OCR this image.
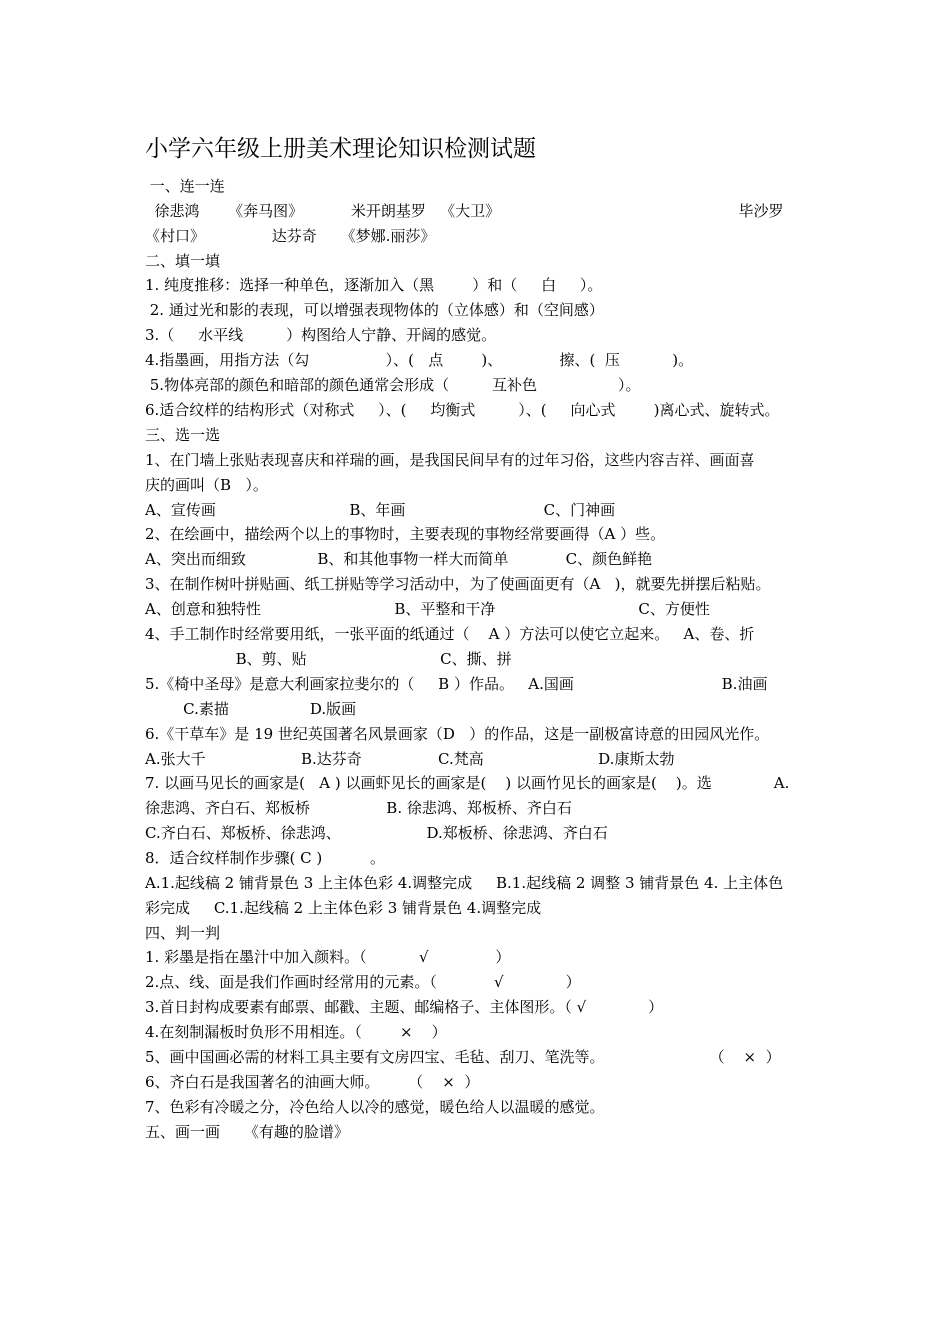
小学六年级上册美术理论知识检测试题
一、连一连
徐悲鸿      《奔马图》          米开朗基罗   《大卫》                                                  毕沙罗
《村口》              达芬奇     《梦娜.丽莎》
二、填一填
1. 纯度推移：选择一种单色，逐渐加入（黑        ）和（     白     ）。
2. 通过光和影的表现，可以增强表现物体的（立体感）和（空间感）
3.（     水平线         ）构图给人宁静、开阔的感觉。
4.指墨画，用指方法（勾                ）、(   点        )、            擦、(  压           )。
5.物体亮部的颜色和暗部的颜色通常会形成（         互补色                 ）。
6.适合纹样的结构形式（对称式     ）、(     均衡式         ）、(     向心式        )离心式、旋转式。
三、选一选
1、在门墙上张贴表现喜庆和祥瑞的画，是我国民间早有的过年习俗，这些内容吉祥、画面喜
庆的画叫（B   ）。
A、宣传画                            B、年画                             C、门神画
2、在绘画中，描绘两个以上的事物时，主要表现的事物经常要画得（A ）些。
A、突出而细致               B、和其他事物一样大而简单            C、颜色鲜艳
3、在制作树叶拼贴画、纸工拼贴等学习活动中，为了使画面更有（A   )，就要先拼摆后粘贴。
A、创意和独特性                            B、平整和干净                              C、方便性
4、手工制作时经常要用纸，一张平面的纸通过（    A ）方法可以使它立起来。   A、卷、折
B、剪、贴                            C、撕、拼
5.《椅中圣母》是意大利画家拉斐尔的（     B ）作品。   A.国画                               B.油画
C.素描                 D.版画
6.《干草车》是 19 世纪英国著名风景画家（D   ）的作品，这是一副极富诗意的田园风光作。
A.张大千                    B.达芬奇                C.梵高                        D.康斯太勃
7. 以画马见长的画家是(   A ) 以画虾见长的画家是(    ) 以画竹见长的画家是(    )。选             A.
徐悲鸿、齐白石、郑板桥                B. 徐悲鸿、郑板桥、齐白石
C.齐白石、郑板桥、徐悲鸿、                  D.郑板桥、徐悲鸿、齐白石
8．适合纹样制作步骤( C )          。
A.1.起线稿 2 铺背景色 3 上主体色彩 4.调整完成     B.1.起线稿 2 调整 3 铺背景色 4. 上主体色
彩完成     C.1.起线稿 2 上主体色彩 3 铺背景色 4.调整完成
四、判一判
1. 彩墨是指在墨汁中加入颜料。（           √              ）
2.点、线、面是我们作画时经常用的元素。（            √             ）
3.首日封构成要素有邮票、邮戳、主题、邮编格子、主体图形。（ √             ）
4.在刻制漏板时负形不用相连。（        ×    ）
5、画中国画必需的材料工具主要有文房四宝、毛毡、刮刀、笔洗等。                      （    ×  ）
6、齐白石是我国著名的油画大师。      （    ×  ）
7、色彩有冷暖之分，冷色给人以冷的感觉，暖色给人以温暖的感觉。
五、画一画     《有趣的脸谱》
